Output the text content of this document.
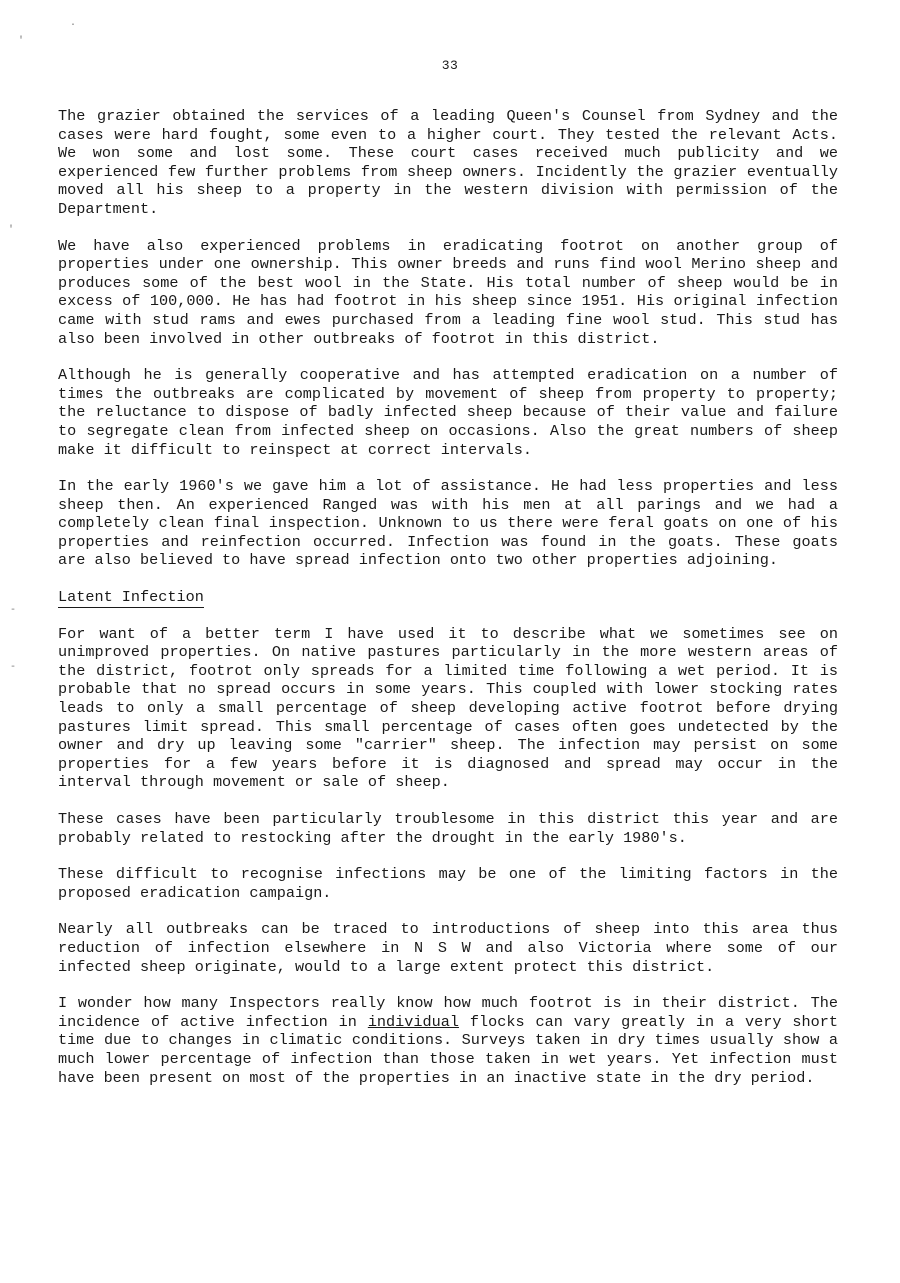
33

The grazier obtained the services of a leading Queen's Counsel from Sydney and the cases were hard fought, some even to a higher court. They tested the relevant Acts. We won some and lost some. These court cases received much publicity and we experienced few further problems from sheep owners. Incidently the grazier eventually moved all his sheep to a property in the western division with permission of the Department.

We have also experienced problems in eradicating footrot on another group of properties under one ownership. This owner breeds and runs find wool Merino sheep and produces some of the best wool in the State. His total number of sheep would be in excess of 100,000. He has had footrot in his sheep since 1951. His original infection came with stud rams and ewes purchased from a leading fine wool stud. This stud has also been involved in other outbreaks of footrot in this district.

Although he is generally cooperative and has attempted eradication on a number of times the outbreaks are complicated by movement of sheep from property to property; the reluctance to dispose of badly infected sheep because of their value and failure to segregate clean from infected sheep on occasions. Also the great numbers of sheep make it difficult to reinspect at correct intervals.

In the early 1960's we gave him a lot of assistance. He had less properties and less sheep then. An experienced Ranged was with his men at all parings and we had a completely clean final inspection. Unknown to us there were feral goats on one of his properties and reinfection occurred. Infection was found in the goats. These goats are also believed to have spread infection onto two other properties adjoining.

Latent Infection

For want of a better term I have used it to describe what we sometimes see on unimproved properties. On native pastures particularly in the more western areas of the district, footrot only spreads for a limited time following a wet period. It is probable that no spread occurs in some years. This coupled with lower stocking rates leads to only a small percentage of sheep developing active footrot before drying pastures limit spread. This small percentage of cases often goes undetected by the owner and dry up leaving some "carrier" sheep. The infection may persist on some properties for a few years before it is diagnosed and spread may occur in the interval through movement or sale of sheep.

These cases have been particularly troublesome in this district this year and are probably related to restocking after the drought in the early 1980's.

These difficult to recognise infections may be one of the limiting factors in the proposed eradication campaign.

Nearly all outbreaks can be traced to introductions of sheep into this area thus reduction of infection elsewhere in N S W and also Victoria where some of our infected sheep originate, would to a large extent protect this district.

I wonder how many Inspectors really know how much footrot is in their district. The incidence of active infection in individual flocks can vary greatly in a very short time due to changes in climatic conditions. Surveys taken in dry times usually show a much lower percentage of infection than those taken in wet years. Yet infection must have been present on most of the properties in an inactive state in the dry period.

'
.
'
-
-
